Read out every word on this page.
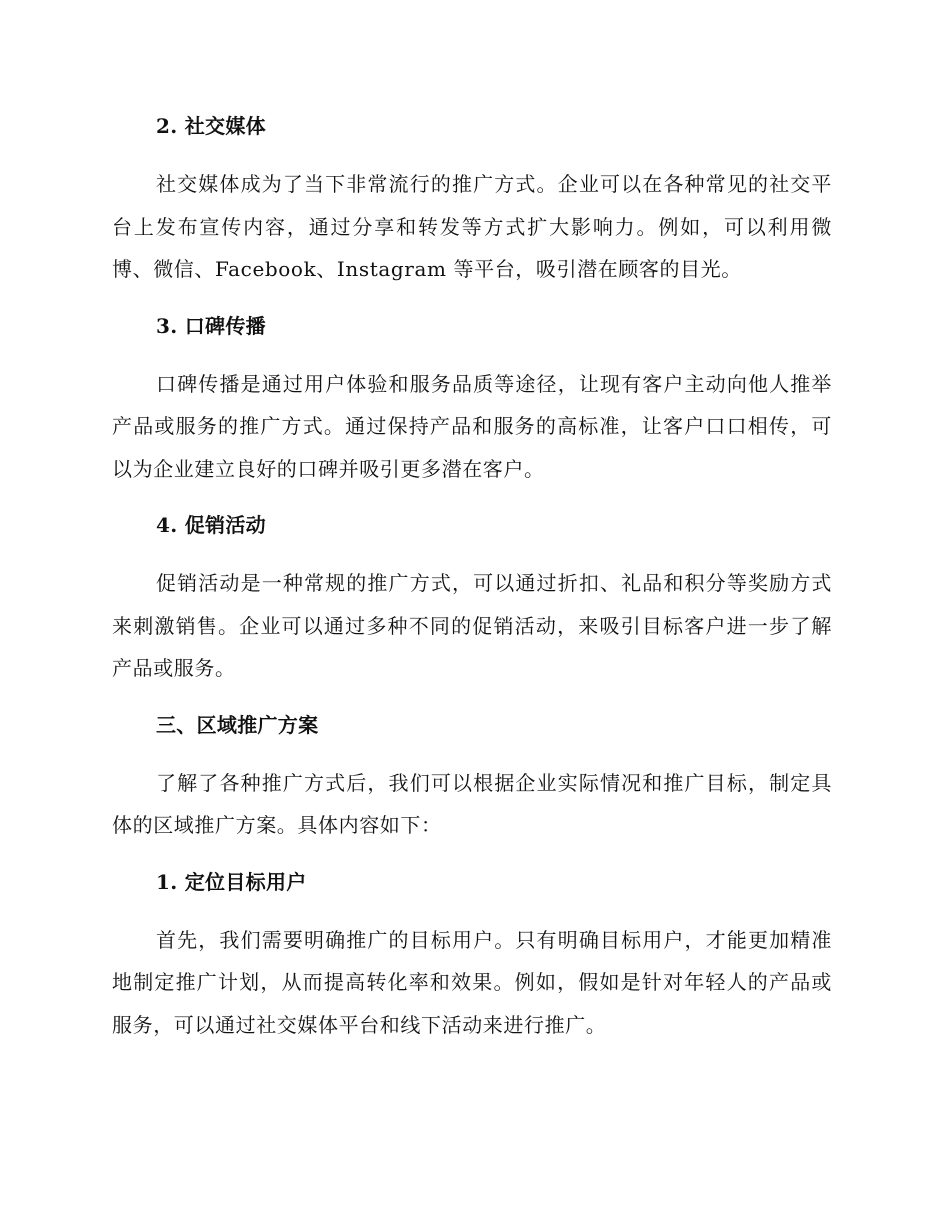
2. 社交媒体

社交媒体成为了当下非常流行的推广方式。企业可以在各种常见的社交平台上发布宣传内容，通过分享和转发等方式扩大影响力。例如，可以利用微博、微信、Facebook、Instagram 等平台，吸引潜在顾客的目光。

3. 口碑传播

口碑传播是通过用户体验和服务品质等途径，让现有客户主动向他人推举产品或服务的推广方式。通过保持产品和服务的高标准，让客户口口相传，可以为企业建立良好的口碑并吸引更多潜在客户。

4. 促销活动

促销活动是一种常规的推广方式，可以通过折扣、礼品和积分等奖励方式来刺激销售。企业可以通过多种不同的促销活动，来吸引目标客户进一步了解产品或服务。

三、区域推广方案

了解了各种推广方式后，我们可以根据企业实际情况和推广目标，制定具体的区域推广方案。具体内容如下：

1. 定位目标用户

首先，我们需要明确推广的目标用户。只有明确目标用户，才能更加精准地制定推广计划，从而提高转化率和效果。例如，假如是针对年轻人的产品或服务，可以通过社交媒体平台和线下活动来进行推广。
